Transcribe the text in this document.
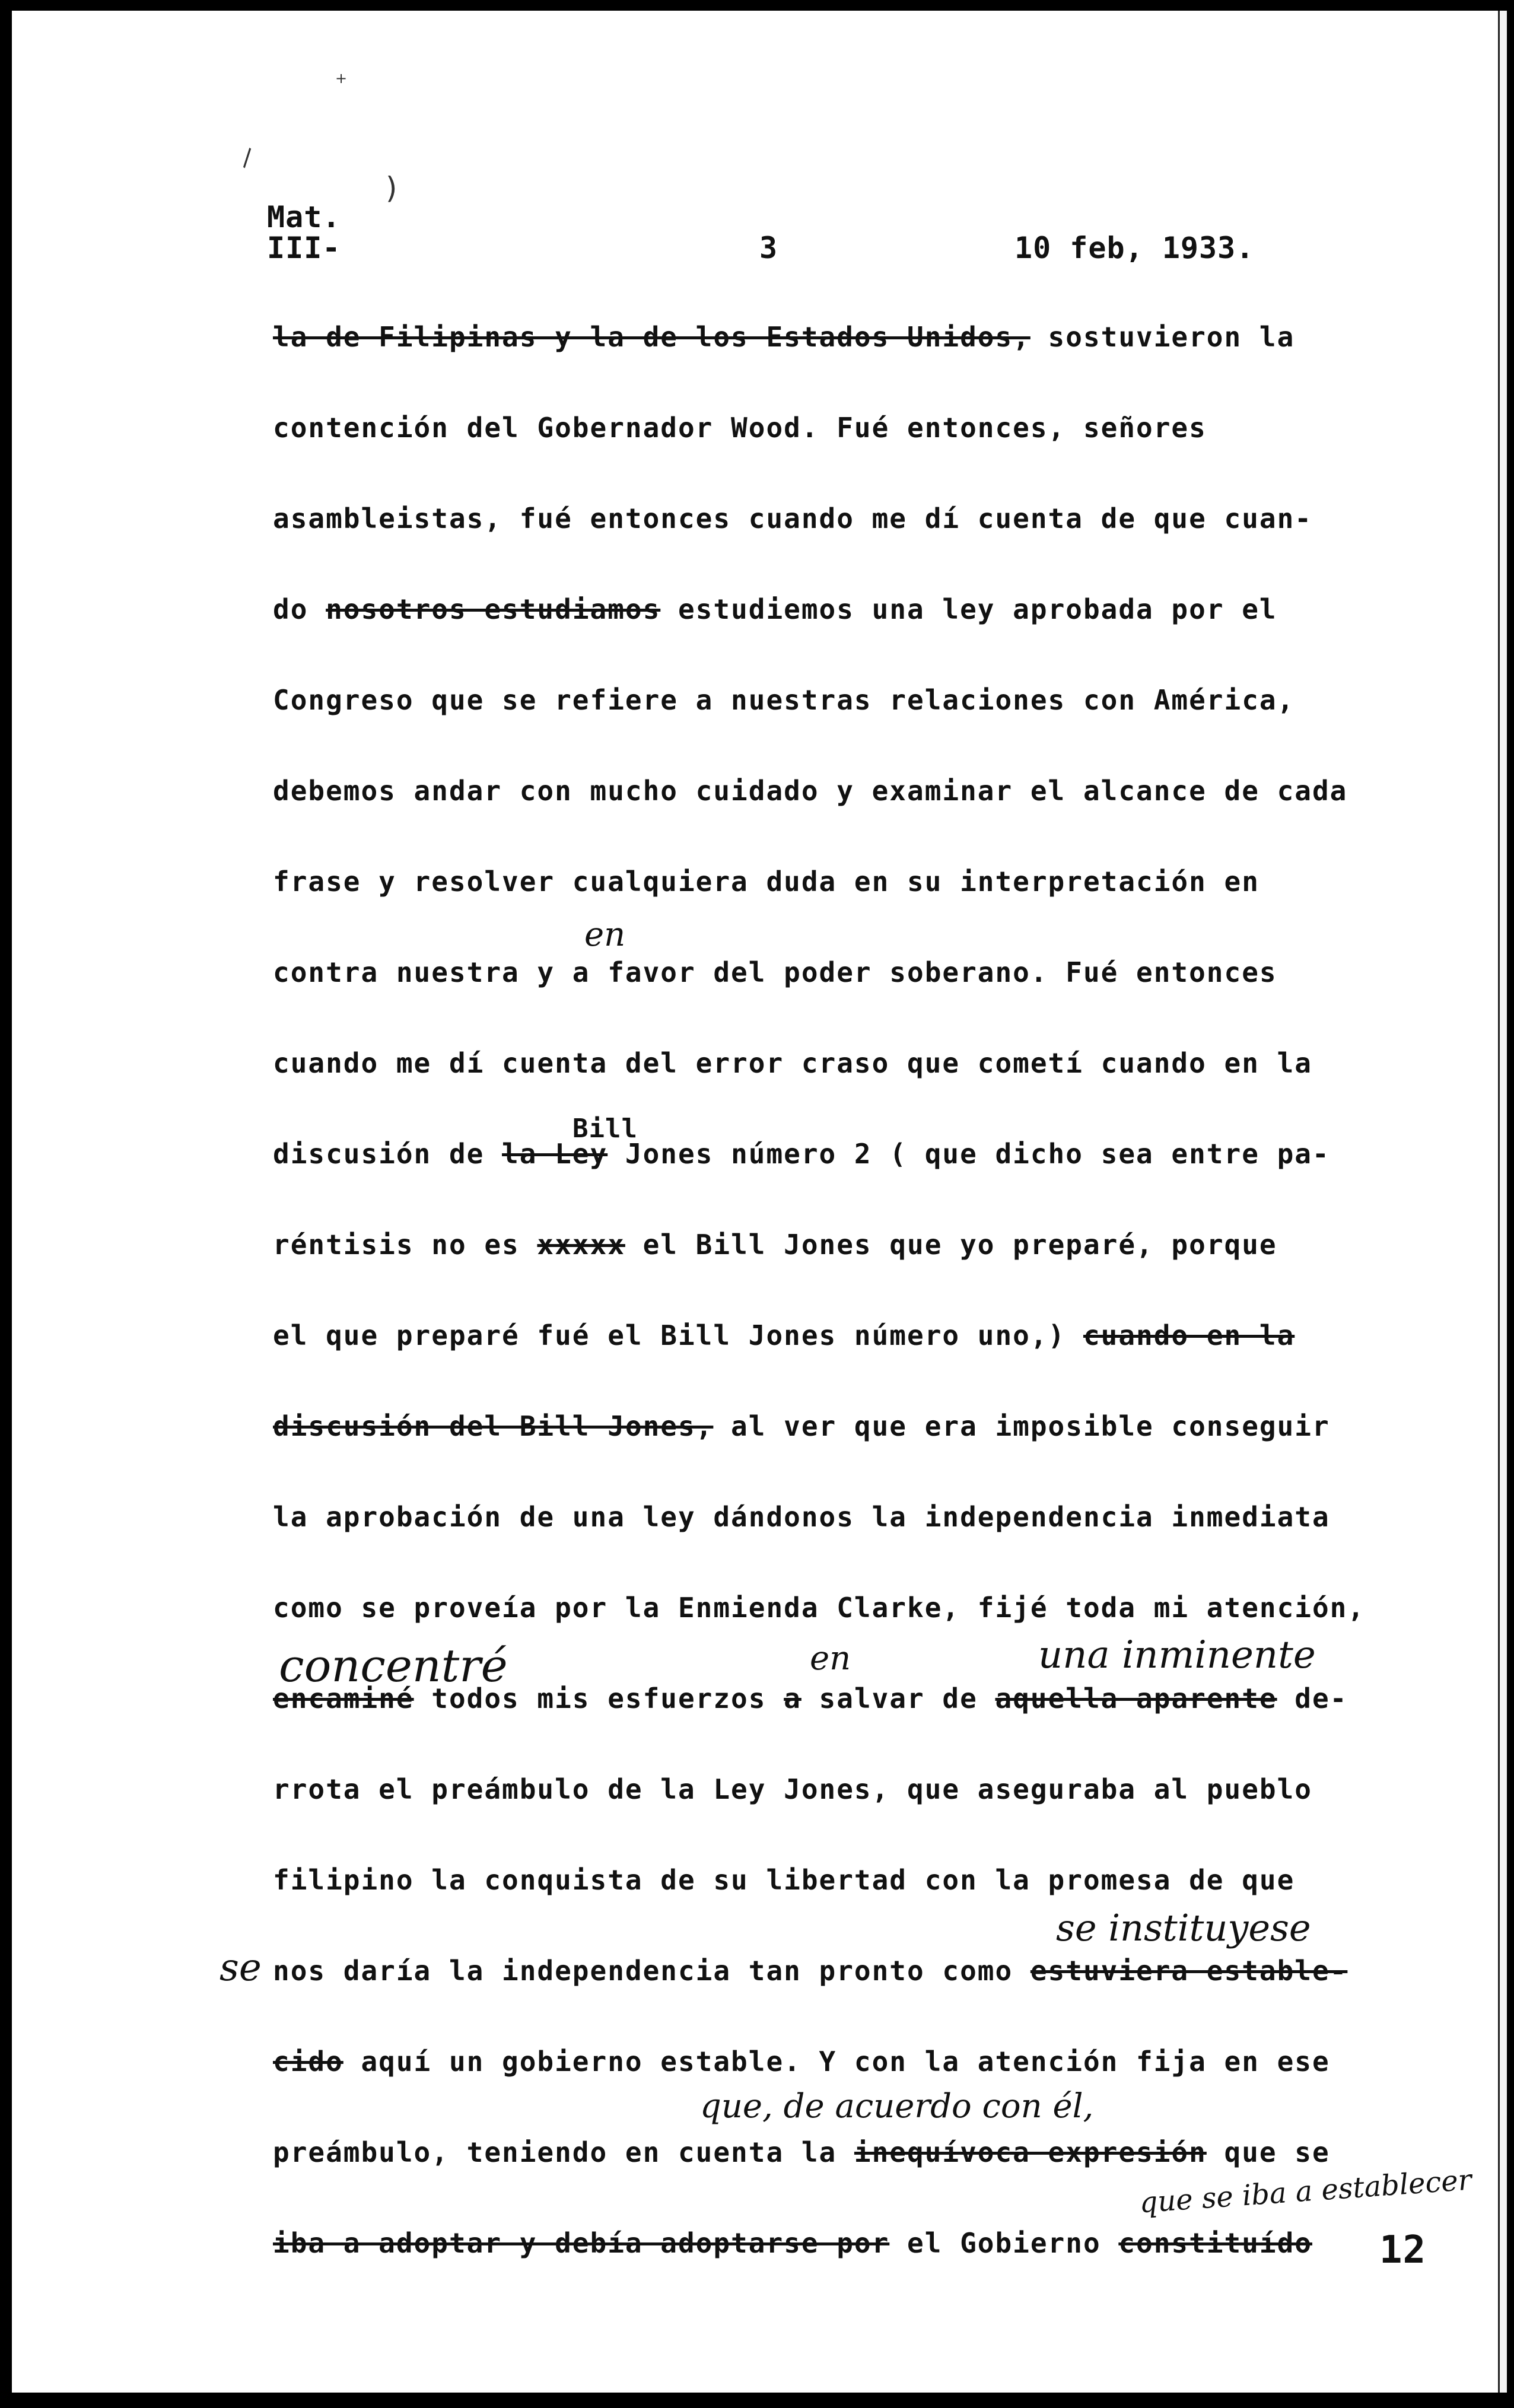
+
\
)
Mat.
III-	3	10 feb, 1933.
la de Filipinas y la de los Estados Unidos, sostuvieron la
contención del Gobernador Wood. Fué entonces, señores
asambleistas, fué entonces cuando me dí cuenta de que cuan-
do nosotros estudiamos estudiemos una ley aprobada por el
Congreso que se refiere a nuestras relaciones con América,
debemos andar con mucho cuidado y examinar el alcance de cada
frase y resolver cualquiera duda en su interpretación en
en
contra nuestra y a favor del poder soberano. Fué entonces
cuando me dí cuenta del error craso que cometí cuando en la
Bill
discusión de la Ley Jones número 2 ( que dicho sea entre pa-
réntisis no es xxxxx el Bill Jones que yo preparé, porque
el que preparé fué el Bill Jones número uno,) cuando en la
discusión del Bill Jones, al ver que era imposible conseguir
la aprobación de una ley dándonos la independencia inmediata
como se proveía por la Enmienda Clarke, fijé toda mi atención,
concentré	en	una inminente
encaminé todos mis esfuerzos a salvar de aquella aparente de-
rrota el preámbulo de la Ley Jones, que aseguraba al pueblo
filipino la conquista de su libertad con la promesa de que
se instituyese
se nos daría la independencia tan pronto como estuviera estable-
cido aquí un gobierno estable. Y con la atención fija en ese
que, de acuerdo con él,
preámbulo, teniendo en cuenta la inequívoca expresión que se
que se iba a establecer
iba a adoptar y debía adoptarse por el Gobierno constituído 12
